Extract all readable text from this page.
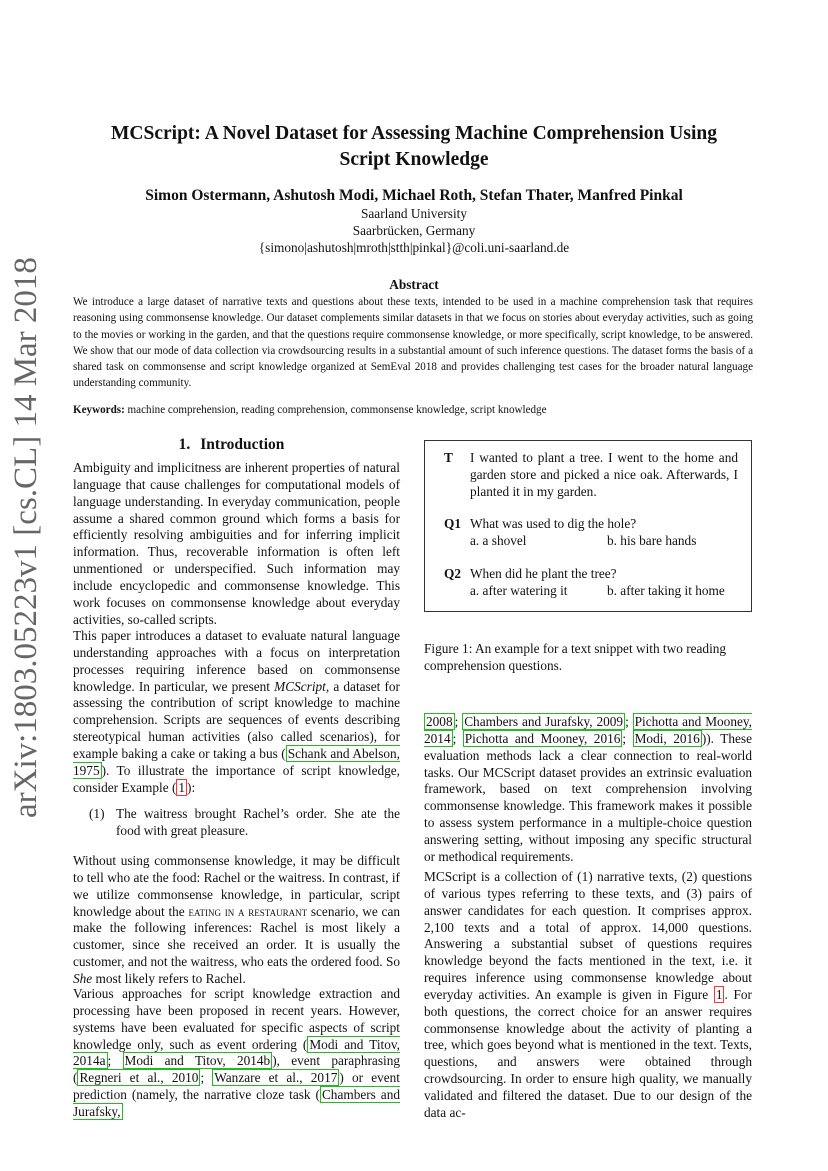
arXiv:1803.05223v1 [cs.CL] 14 Mar 2018
MCScript: A Novel Dataset for Assessing Machine Comprehension Using
Script Knowledge
Simon Ostermann, Ashutosh Modi, Michael Roth, Stefan Thater, Manfred Pinkal
Saarland University
Saarbrücken, Germany
{simono|ashutosh|mroth|stth|pinkal}@coli.uni-saarland.de
Abstract
We introduce a large dataset of narrative texts and questions about these texts, intended to be used in a machine comprehension task that requires reasoning using commonsense knowledge. Our dataset complements similar datasets in that we focus on stories about everyday activities, such as going to the movies or working in the garden, and that the questions require commonsense knowledge, or more specifically, script knowledge, to be answered. We show that our mode of data collection via crowdsourcing results in a substantial amount of such inference questions. The dataset forms the basis of a shared task on commonsense and script knowledge organized at SemEval 2018 and provides challenging test cases for the broader natural language understanding community.
Keywords: machine comprehension, reading comprehension, commonsense knowledge, script knowledge
1. Introduction
Ambiguity and implicitness are inherent properties of natural language that cause challenges for computational models of language understanding. In everyday communication, people assume a shared common ground which forms a basis for efficiently resolving ambiguities and for inferring implicit information. Thus, recoverable information is often left unmentioned or underspecified. Such information may include encyclopedic and commonsense knowledge. This work focuses on commonsense knowledge about everyday activities, so-called scripts.
This paper introduces a dataset to evaluate natural language understanding approaches with a focus on interpretation processes requiring inference based on commonsense knowledge. In particular, we present MCScript, a dataset for assessing the contribution of script knowledge to machine comprehension. Scripts are sequences of events describing stereotypical human activities (also called scenarios), for example baking a cake or taking a bus ( Schank and Abelson, 1975 ). To illustrate the importance of script knowledge, consider Example ( 1 ):
(1) The waitress brought Rachel’s order. She ate the food with great pleasure.
Without using commonsense knowledge, it may be difficult to tell who ate the food: Rachel or the waitress. In contrast, if we utilize commonsense knowledge, in particular, script knowledge about the eating in a restaurant scenario, we can make the following inferences: Rachel is most likely a customer, since she received an order. It is usually the customer, and not the waitress, who eats the ordered food. So She most likely refers to Rachel.
Various approaches for script knowledge extraction and processing have been proposed in recent years. However, systems have been evaluated for specific aspects of script knowledge only, such as event ordering ( Modi and Titov, 2014a ; Modi and Titov, 2014b ), event paraphrasing ( Regneri et al., 2010 ; Wanzare et al., 2017 ) or event prediction (namely, the narrative cloze task ( Chambers and Jurafsky,
T I wanted to plant a tree. I went to the home and garden store and picked a nice oak. Afterwards, I planted it in my garden.
Q1 What was used to dig the hole?
a. a shovel	b. his bare hands
Q2 When did he plant the tree?
a. after watering it	b. after taking it home
Figure 1: An example for a text snippet with two reading comprehension questions.
2008 ; Chambers and Jurafsky, 2009 ; Pichotta and Mooney, 2014 ; Pichotta and Mooney, 2016 ; Modi, 2016 )). These evaluation methods lack a clear connection to real-world tasks. Our MCScript dataset provides an extrinsic evaluation framework, based on text comprehension involving commonsense knowledge. This framework makes it possible to assess system performance in a multiple-choice question answering setting, without imposing any specific structural or methodical requirements.
MCScript is a collection of (1) narrative texts, (2) questions of various types referring to these texts, and (3) pairs of answer candidates for each question. It comprises approx. 2,100 texts and a total of approx. 14,000 questions. Answering a substantial subset of questions requires knowledge beyond the facts mentioned in the text, i.e. it requires inference using commonsense knowledge about everyday activities. An example is given in Figure 1 . For both questions, the correct choice for an answer requires commonsense knowledge about the activity of planting a tree, which goes beyond what is mentioned in the text. Texts, questions, and answers were obtained through crowdsourcing. In order to ensure high quality, we manually validated and filtered the dataset. Due to our design of the data ac-
